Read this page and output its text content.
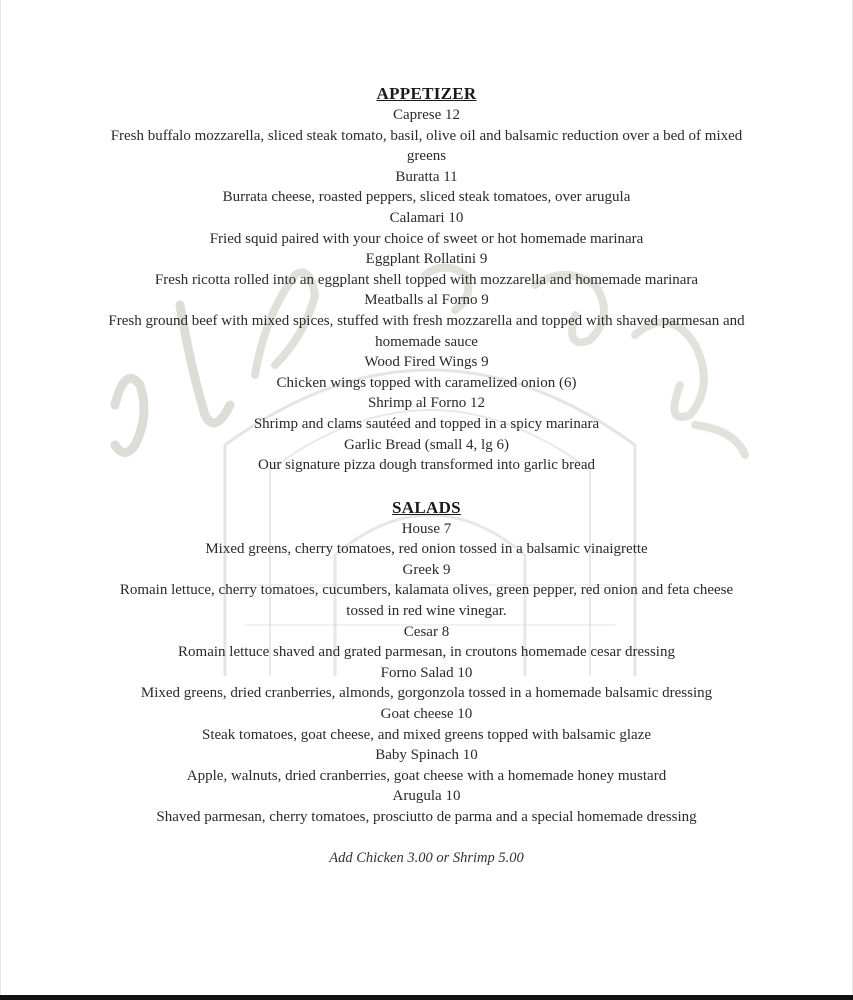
APPETIZER
Caprese 12
Fresh buffalo mozzarella, sliced steak tomato, basil, olive oil and balsamic reduction over a bed of mixed greens
Buratta 11
Burrata cheese, roasted peppers, sliced steak tomatoes, over arugula
Calamari 10
Fried squid paired with your choice of sweet or hot homemade marinara
Eggplant Rollatini 9
Fresh ricotta rolled into an eggplant shell topped with mozzarella and homemade marinara
Meatballs al Forno 9
Fresh ground beef with mixed spices, stuffed with fresh mozzarella and topped with shaved parmesan and homemade sauce
Wood Fired Wings 9
Chicken wings topped with caramelized onion (6)
Shrimp al Forno 12
Shrimp and clams sautéed and topped in a spicy marinara
Garlic Bread (small 4, lg 6)
Our signature pizza dough transformed into garlic bread
SALADS
House 7
Mixed greens, cherry tomatoes, red onion tossed in a balsamic vinaigrette
Greek 9
Romain lettuce, cherry tomatoes, cucumbers, kalamata olives, green pepper, red onion and feta cheese tossed in red wine vinegar.
Cesar 8
Romain lettuce shaved and grated parmesan, in croutons homemade cesar dressing
Forno Salad 10
Mixed greens, dried cranberries, almonds, gorgonzola tossed in a homemade balsamic dressing
Goat cheese 10
Steak tomatoes, goat cheese, and mixed greens topped with balsamic glaze
Baby Spinach 10
Apple, walnuts, dried cranberries, goat cheese with a homemade honey mustard
Arugula 10
Shaved parmesan, cherry tomatoes, prosciutto de parma and a special homemade dressing
Add Chicken 3.00 or Shrimp 5.00
